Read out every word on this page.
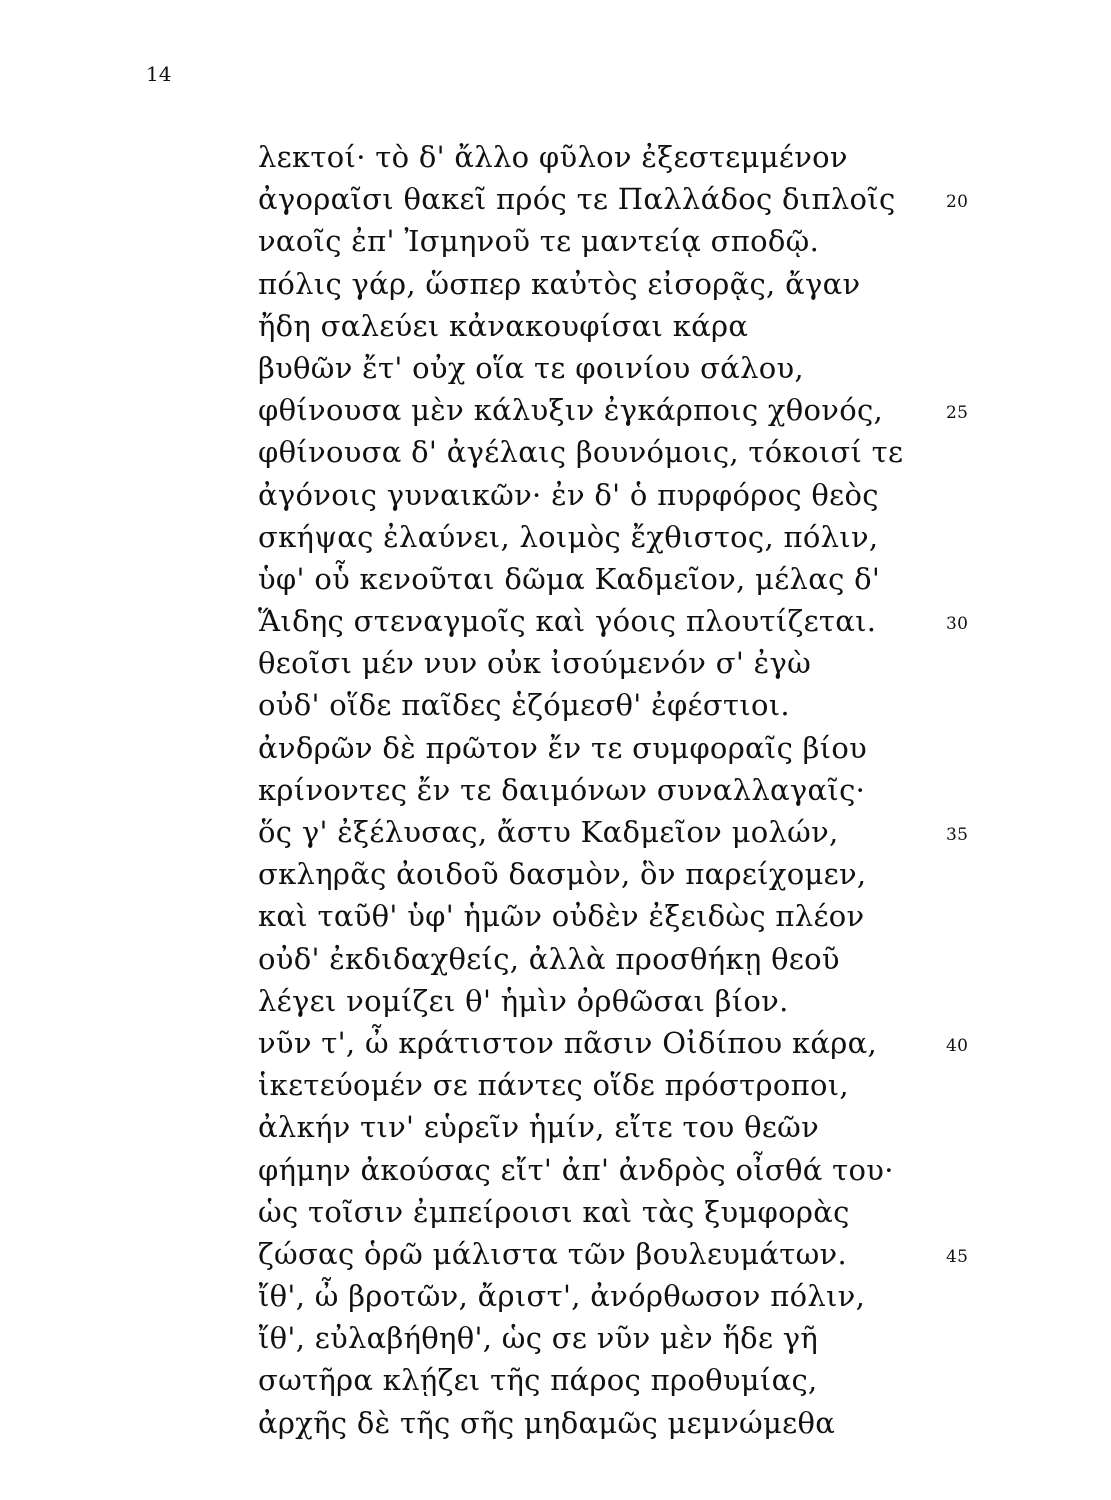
14
λεκτοί· τὸ δ' ἄλλο φῦλον ἐξεστεμμένον
ἀγοραῖσι θακεῖ πρός τε Παλλάδος διπλοῖς	20
ναοῖς ἐπ' Ἰσμηνοῦ τε μαντείᾳ σποδῷ.
πόλις γάρ, ὥσπερ καὐτὸς εἰσορᾷς, ἄγαν
ἤδη σαλεύει κἀνακουφίσαι κάρα
βυθῶν ἔτ' οὐχ οἵα τε φοινίου σάλου,
φθίνουσα μὲν κάλυξιν ἐγκάρποις χθονός,	25
φθίνουσα δ' ἀγέλαις βουνόμοις, τόκοισί τε
ἀγόνοις γυναικῶν· ἐν δ' ὁ πυρφόρος θεὸς
σκήψας ἐλαύνει, λοιμὸς ἔχθιστος, πόλιν,
ὑφ' οὗ κενοῦται δῶμα Καδμεῖον, μέλας δ'
Ἅιδης στεναγμοῖς καὶ γόοις πλουτίζεται.	30
θεοῖσι μέν νυν οὐκ ἰσούμενόν σ' ἐγὼ
οὐδ' οἵδε παῖδες ἑζόμεσθ' ἐφέστιοι.
ἀνδρῶν δὲ πρῶτον ἔν τε συμφοραῖς βίου
κρίνοντες ἔν τε δαιμόνων συναλλαγαῖς·
ὅς γ' ἐξέλυσας, ἄστυ Καδμεῖον μολών,	35
σκληρᾶς ἀοιδοῦ δασμὸν, ὃν παρείχομεν,
καὶ ταῦθ' ὑφ' ἡμῶν οὐδὲν ἐξειδὼς πλέον
οὐδ' ἐκδιδαχθείς, ἀλλὰ προσθήκῃ θεοῦ
λέγει νομίζει θ' ἡμὶν ὀρθῶσαι βίον.
νῦν τ', ὦ κράτιστον πᾶσιν Οἰδίπου κάρα,	40
ἱκετεύομέν σε πάντες οἵδε πρόστροποι,
ἀλκήν τιν' εὑρεῖν ἡμίν, εἴτε του θεῶν
φήμην ἀκούσας εἴτ' ἀπ' ἀνδρὸς οἶσθά του·
ὡς τοῖσιν ἐμπείροισι καὶ τὰς ξυμφορὰς
ζώσας ὁρῶ μάλιστα τῶν βουλευμάτων.	45
ἴθ', ὦ βροτῶν, ἄριστ', ἀνόρθωσον πόλιν,
ἴθ', εὐλαβήθηθ', ὡς σε νῦν μὲν ἥδε γῆ
σωτῆρα κλῄζει τῆς πάρος προθυμίας,
ἀρχῆς δὲ τῆς σῆς μηδαμῶς μεμνώμεθα
